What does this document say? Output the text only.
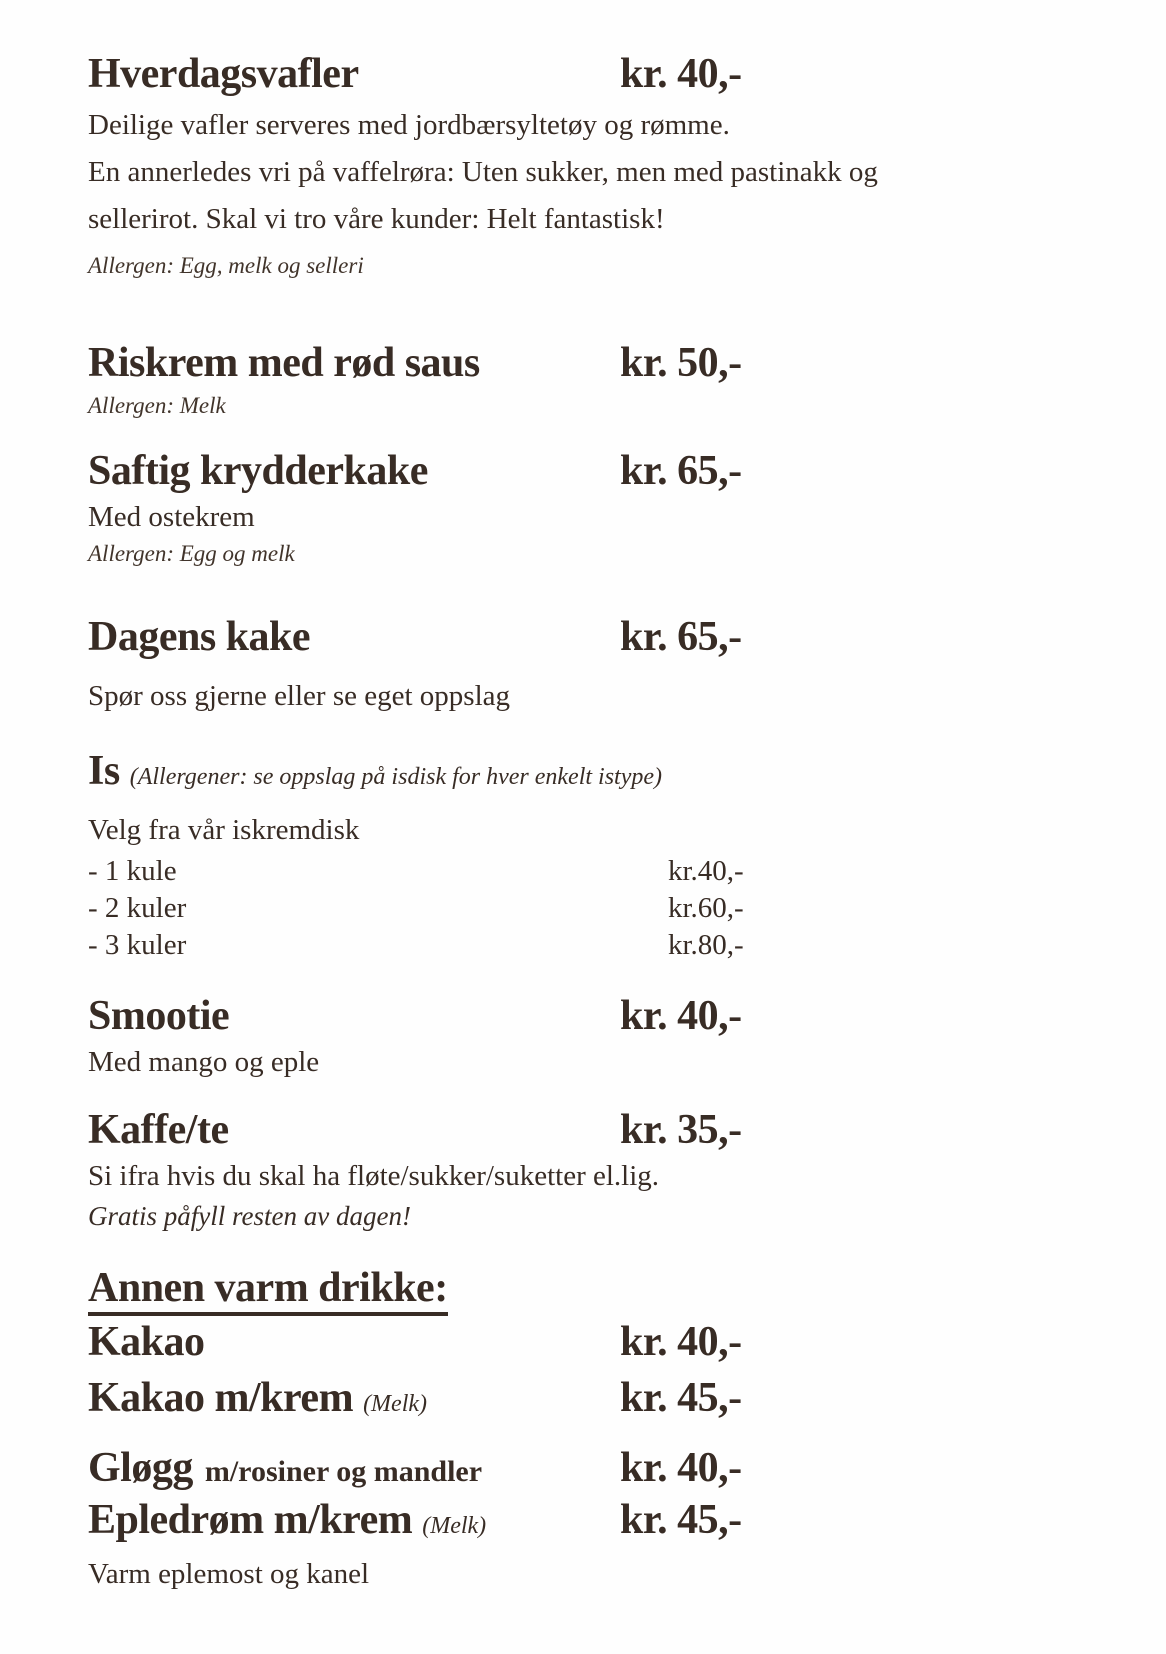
Hverdagsvafler	kr. 40,-
Deilige vafler serveres med jordbærsyltetøy og rømme.
En annerledes vri på vaffelrøra: Uten sukker, men med pastinakk og
sellerirot. Skal vi tro våre kunder: Helt fantastisk!
Allergen: Egg, melk og selleri
Riskrem med rød saus	kr. 50,-
Allergen: Melk
Saftig krydderkake	kr. 65,-
Med ostekrem
Allergen: Egg og melk
Dagens kake	kr. 65,-
Spør oss gjerne eller se eget oppslag
Is (Allergener: se oppslag på isdisk for hver enkelt istype)
Velg fra vår iskremdisk
- 1 kule	kr.40,-
- 2 kuler	kr.60,-
- 3 kuler	kr.80,-
Smootie	kr. 40,-
Med mango og eple
Kaffe/te	kr. 35,-
Si ifra hvis du skal ha fløte/sukker/suketter el.lig.
Gratis påfyll resten av dagen!
Annen varm drikke:
Kakao	kr. 40,-
Kakao m/krem (Melk)	kr. 45,-
Gløgg m/rosiner og mandler	kr. 40,-
Epledrøm m/krem (Melk)	kr. 45,-
Varm eplemost og kanel
